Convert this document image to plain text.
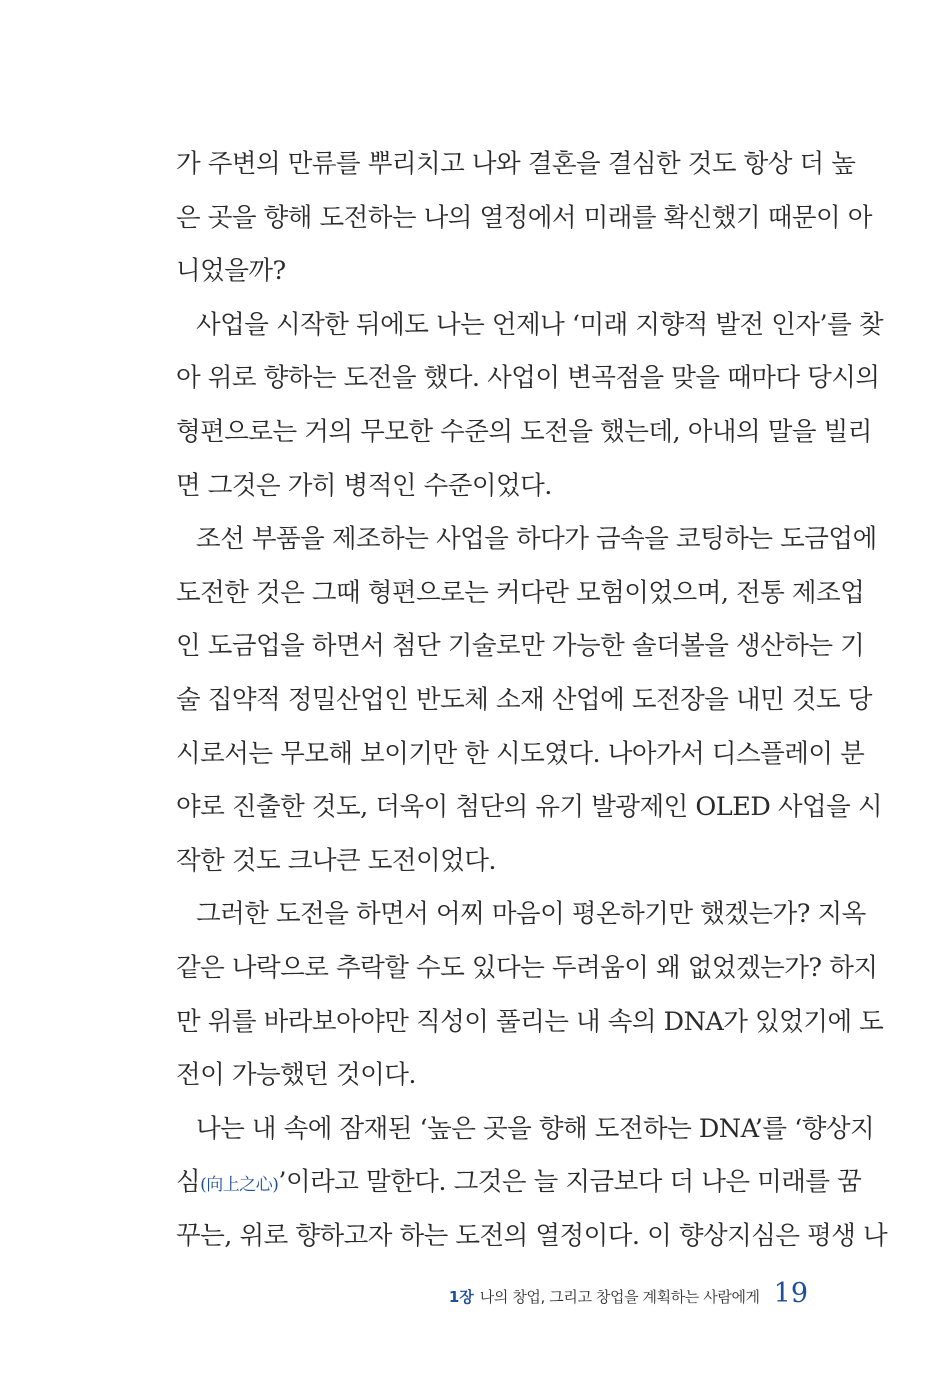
가 주변의 만류를 뿌리치고 나와 결혼을 결심한 것도 항상 더 높
은 곳을 향해 도전하는 나의 열정에서 미래를 확신했기 때문이 아
니었을까?
사업을 시작한 뒤에도 나는 언제나 ‘미래 지향적 발전 인자’를 찾
아 위로 향하는 도전을 했다. 사업이 변곡점을 맞을 때마다 당시의
형편으로는 거의 무모한 수준의 도전을 했는데, 아내의 말을 빌리
면 그것은 가히 병적인 수준이었다.
조선 부품을 제조하는 사업을 하다가 금속을 코팅하는 도금업에
도전한 것은 그때 형편으로는 커다란 모험이었으며, 전통 제조업
인 도금업을 하면서 첨단 기술로만 가능한 솔더볼을 생산하는 기
술 집약적 정밀산업인 반도체 소재 산업에 도전장을 내민 것도 당
시로서는 무모해 보이기만 한 시도였다. 나아가서 디스플레이 분
야로 진출한 것도, 더욱이 첨단의 유기 발광제인 OLED 사업을 시
작한 것도 크나큰 도전이었다.
그러한 도전을 하면서 어찌 마음이 평온하기만 했겠는가? 지옥
같은 나락으로 추락할 수도 있다는 두려움이 왜 없었겠는가? 하지
만 위를 바라보아야만 직성이 풀리는 내 속의 DNA가 있었기에 도
전이 가능했던 것이다.
나는 내 속에 잠재된 ‘높은 곳을 향해 도전하는 DNA’를 ‘향상지
심(向上之心)’이라고 말한다. 그것은 늘 지금보다 더 나은 미래를 꿈
꾸는, 위로 향하고자 하는 도전의 열정이다. 이 향상지심은 평생 나
1장 나의 창업, 그리고 창업을 계획하는 사람에게 19
